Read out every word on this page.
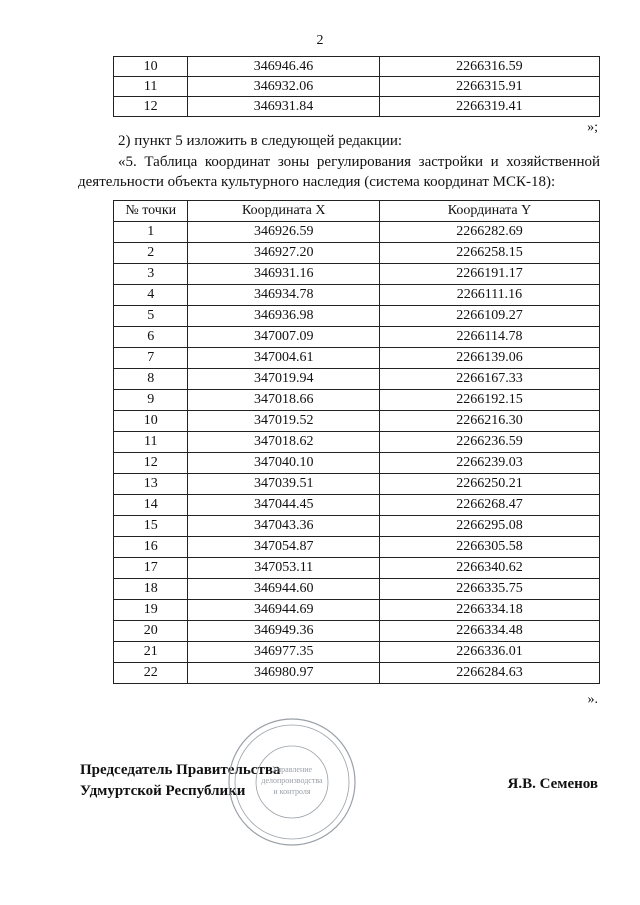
2
10	346946.46	2266316.59
11	346932.06	2266315.91
12	346931.84	2266319.41
»;
2) пункт 5 изложить в следующей редакции:
«5. Таблица координат зоны регулирования застройки и хозяйственной деятельности объекта культурного наследия (система координат МСК-18):
№ точки	Координата X	Координата Y
1	346926.59	2266282.69
2	346927.20	2266258.15
3	346931.16	2266191.17
4	346934.78	2266111.16
5	346936.98	2266109.27
6	347007.09	2266114.78
7	347004.61	2266139.06
8	347019.94	2266167.33
9	347018.66	2266192.15
10	347019.52	2266216.30
11	347018.62	2266236.59
12	347040.10	2266239.03
13	347039.51	2266250.21
14	347044.45	2266268.47
15	347043.36	2266295.08
16	347054.87	2266305.58
17	347053.11	2266340.62
18	346944.60	2266335.75
19	346944.69	2266334.18
20	346949.36	2266334.48
21	346977.35	2266336.01
22	346980.97	2266284.63
».
Председатель Правительства
Удмуртской Республики	Я.В. Семенов
Управление
делопроизводства
и контроля
